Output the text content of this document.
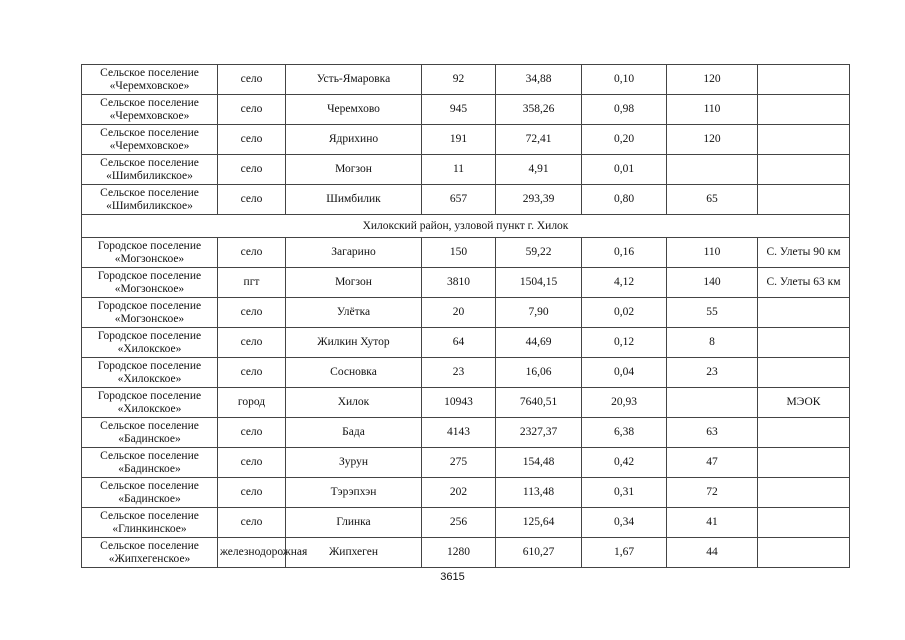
Сельское поселение «Черемховское»	село	Усть-Ямаровка	92	34,88	0,10	120	
Сельское поселение «Черемховское»	село	Черемхово	945	358,26	0,98	110	
Сельское поселение «Черемховское»	село	Ядрихино	191	72,41	0,20	120	
Сельское поселение «Шимбиликское»	село	Могзон	11	4,91	0,01		
Сельское поселение «Шимбиликское»	село	Шимбилик	657	293,39	0,80	65	
Хилокский район, узловой пункт г. Хилок							
Городское поселение «Могзонское»	село	Загарино	150	59,22	0,16	110	С. Улеты 90 км
Городское поселение «Могзонское»	пгт	Могзон	3810	1504,15	4,12	140	С. Улеты 63 км
Городское поселение «Могзонское»	село	Улётка	20	7,90	0,02	55	
Городское поселение «Хилокское»	село	Жилкин Хутор	64	44,69	0,12	8	
Городское поселение «Хилокское»	село	Сосновка	23	16,06	0,04	23	
Городское поселение «Хилокское»	город	Хилок	10943	7640,51	20,93		МЭОК
Сельское поселение «Бадинское»	село	Бада	4143	2327,37	6,38	63	
Сельское поселение «Бадинское»	село	Зурун	275	154,48	0,42	47	
Сельское поселение «Бадинское»	село	Тэрэпхэн	202	113,48	0,31	72	
Сельское поселение «Глинкинское»	село	Глинка	256	125,64	0,34	41	
Сельское поселение «Жипхегенское»	железнодорожная	Жипхеген	1280	610,27	1,67	44	
3615
